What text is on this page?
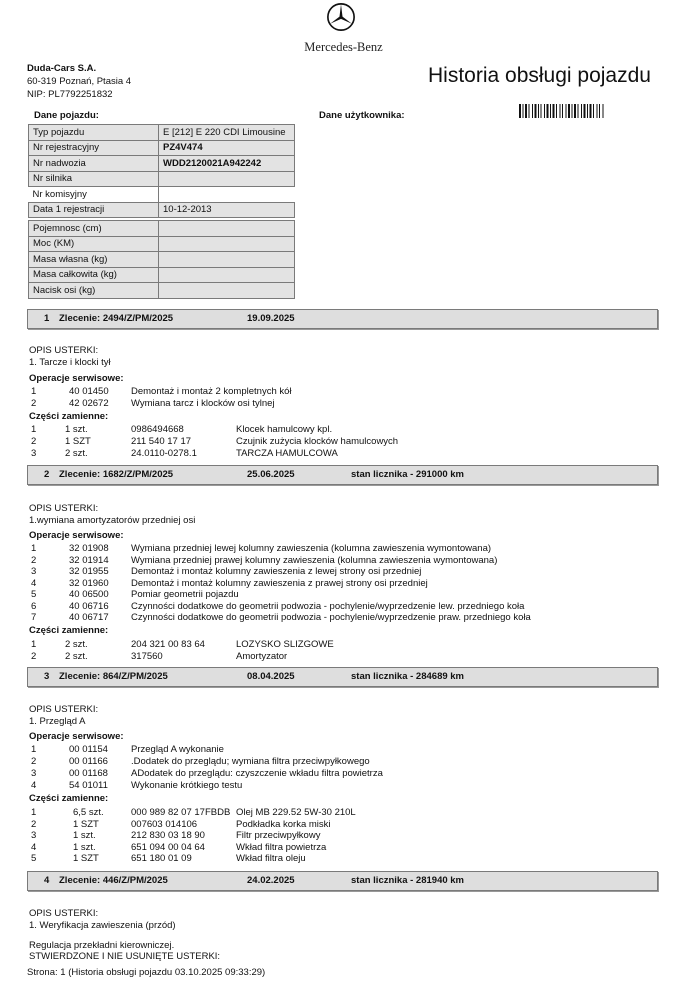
Mercedes-Benz
Duda-Cars S.A.
60-319 Poznań, Ptasia 4
NIP: PL7792251832
Historia obsługi pojazdu
Dane pojazdu:	Dane użytkownika:
Typ pojazdu	E [212] E 220 CDI Limousine
Nr rejestracyjny	PZ4V474
Nr nadwozia	WDD2120021A942242
Nr silnika	
Nr komisyjny	
Data 1 rejestracji	10-12-2013
Pojemnosc (cm)	
Moc (KM)	
Masa własna (kg)	
Masa całkowita (kg)	
Nacisk osi (kg)	
1 Zlecenie: 2494/Z/PM/2025	19.09.2025
OPIS USTERKI:
1. Tarcze i klocki tył
Operacje serwisowe:
1	40 01450 Demontaż i montaż 2 kompletnych kół
2	42 02672 Wymiana tarcz i klocków osi tylnej
Części zamienne:
1	1 szt.	0986494668	Klocek hamulcowy kpl.
2	1 SZT	211 540 17 17	Czujnik zużycia klocków hamulcowych
3	2 szt.	24.0110-0278.1	TARCZA HAMULCOWA
2 Zlecenie: 1682/Z/PM/2025	25.06.2025	stan licznika - 291000 km
OPIS USTERKI:
1.wymiana amortyzatorów przedniej osi
Operacje serwisowe:
1	32 01908 Wymiana przedniej lewej kolumny zawieszenia (kolumna zawieszenia wymontowana)
2	32 01914 Wymiana przedniej prawej kolumny zawieszenia (kolumna zawieszenia wymontowana)
3	32 01955 Demontaż i montaż kolumny zawieszenia z lewej strony osi przedniej
4	32 01960 Demontaż i montaż kolumny zawieszenia z prawej strony osi przedniej
5	40 06500 Pomiar geometrii pojazdu
6	40 06716 Czynności dodatkowe do geometrii podwozia - pochylenie/wyprzedzenie lew. przedniego koła
7	40 06717 Czynności dodatkowe do geometrii podwozia - pochylenie/wyprzedzenie praw. przedniego koła
Części zamienne:
1	2 szt.	204 321 00 83 64	LOZYSKO SLIZGOWE
2	2 szt.	317560	Amortyzator
3 Zlecenie: 864/Z/PM/2025	08.04.2025	stan licznika - 284689 km
OPIS USTERKI:
1. Przegląd A
Operacje serwisowe:
1	00 01154 Przegląd A wykonanie
2	00 01166 .Dodatek do przeglądu; wymiana filtra przeciwpyłkowego
3	00 01168 ADodatek do przeglądu: czyszczenie wkładu filtra powietrza
4	54 01011 Wykonanie krótkiego testu
Części zamienne:
1	6,5 szt.	000 989 82 07 17FBDB Olej MB 229.52 5W-30 210L
2	1 SZT	007603 014106	Podkładka korka miski
3	1 szt.	212 830 03 18 90	Filtr przeciwpyłkowy
4	1 szt.	651 094 00 04 64	Wkład filtra powietrza
5	1 SZT	651 180 01 09	Wkład filtra oleju
4 Zlecenie: 446/Z/PM/2025	24.02.2025	stan licznika - 281940 km
OPIS USTERKI:
1. Weryfikacja zawieszenia (przód)
Regulacja przekładni kierowniczej.
STWIERDZONE I NIE USUNIĘTE USTERKI:
Strona: 1 (Historia obsługi pojazdu 03.10.2025 09:33:29)
